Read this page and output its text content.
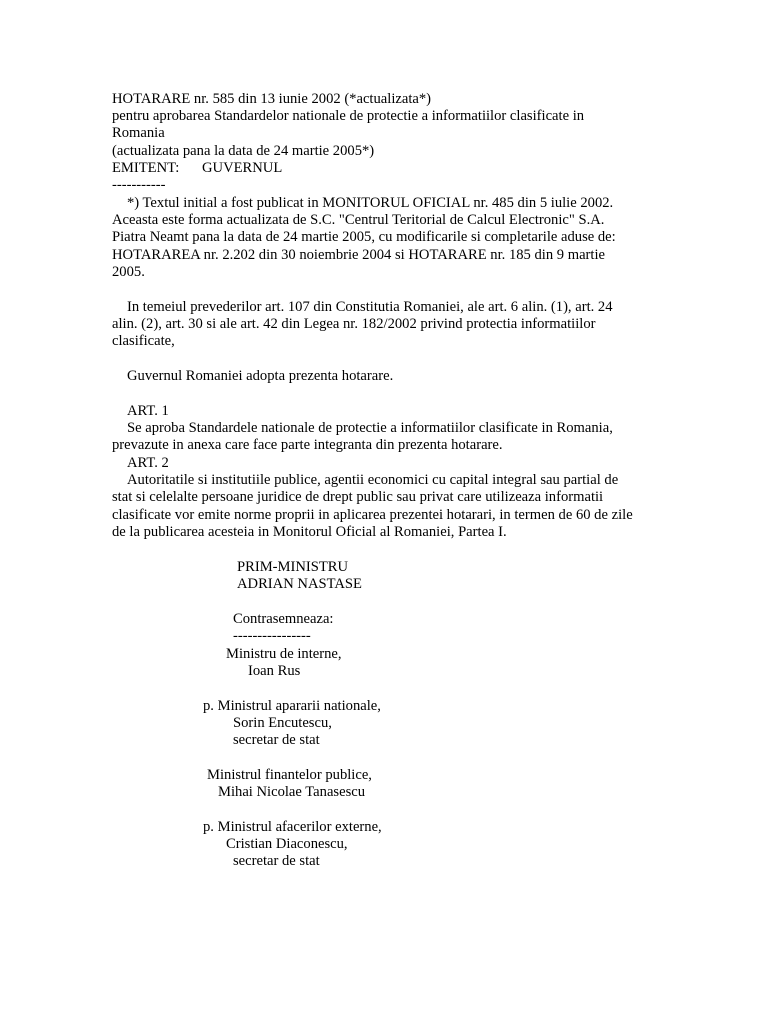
HOTARARE nr. 585 din 13 iunie 2002 (*actualizata*)
pentru aprobarea Standardelor nationale de protectie a informatiilor clasificate in
Romania
(actualizata pana la data de 24 martie 2005*)
EMITENT: GUVERNUL
-----------
*) Textul initial a fost publicat in MONITORUL OFICIAL nr. 485 din 5 iulie 2002.
Aceasta este forma actualizata de S.C. "Centrul Teritorial de Calcul Electronic" S.A.
Piatra Neamt pana la data de 24 martie 2005, cu modificarile si completarile aduse de:
HOTARAREA nr. 2.202 din 30 noiembrie 2004 si HOTARARE nr. 185 din 9 martie
2005.
In temeiul prevederilor art. 107 din Constitutia Romaniei, ale art. 6 alin. (1), art. 24
alin. (2), art. 30 si ale art. 42 din Legea nr. 182/2002 privind protectia informatiilor
clasificate,
Guvernul Romaniei adopta prezenta hotarare.
ART. 1
Se aproba Standardele nationale de protectie a informatiilor clasificate in Romania,
prevazute in anexa care face parte integranta din prezenta hotarare.
ART. 2
Autoritatile si institutiile publice, agentii economici cu capital integral sau partial de
stat si celelalte persoane juridice de drept public sau privat care utilizeaza informatii
clasificate vor emite norme proprii in aplicarea prezentei hotarari, in termen de 60 de zile
de la publicarea acesteia in Monitorul Oficial al Romaniei, Partea I.
PRIM-MINISTRU
ADRIAN NASTASE
Contrasemneaza:
----------------
Ministru de interne,
Ioan Rus
p. Ministrul apararii nationale,
Sorin Encutescu,
secretar de stat
Ministrul finantelor publice,
Mihai Nicolae Tanasescu
p. Ministrul afacerilor externe,
Cristian Diaconescu,
secretar de stat
